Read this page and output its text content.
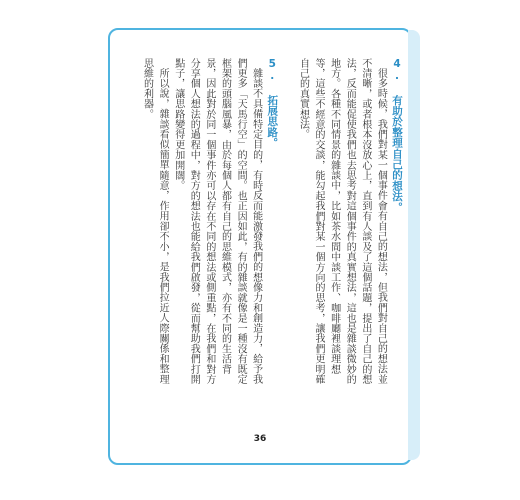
4. 有助於整理自己的想法。
很多時候，我們對某一個事件會有自己的想法，但我們對自己的想法並不清晰，或者根本沒放心上，直到有人談及了這個話題，提出了自己的想法，反而能促使我們也去思考對這個事件的真實想法，這也是雜談微妙的地方。各種不同情景的雜談中，比如茶水間中談工作、咖啡廳裡談理想等，這些不經意的交談，能勾起我們對某一個方向的思考，讓我們更明確自己的真實想法。
5. 拓展思路。
雜談不具備特定目的，有時反而能激發我們的想像力和創造力，給予我們更多「天馬行空」的空間。也正因如此，有的雜談就像是一種沒有既定框架的頭腦風暴，由於每個人都有自己的思維模式，亦有不同的生活背景，因此對於同一個事件亦可以存在不同的想法或側重點，在我們和對方分享個人想法的過程中，對方的想法也能給我們啟發，從而幫助我們打開點子，讓思路變得更加開闊。
所以說，雜談看似簡單隨意，作用卻不小，是我們拉近人際關係和整理思維的利器。
36
